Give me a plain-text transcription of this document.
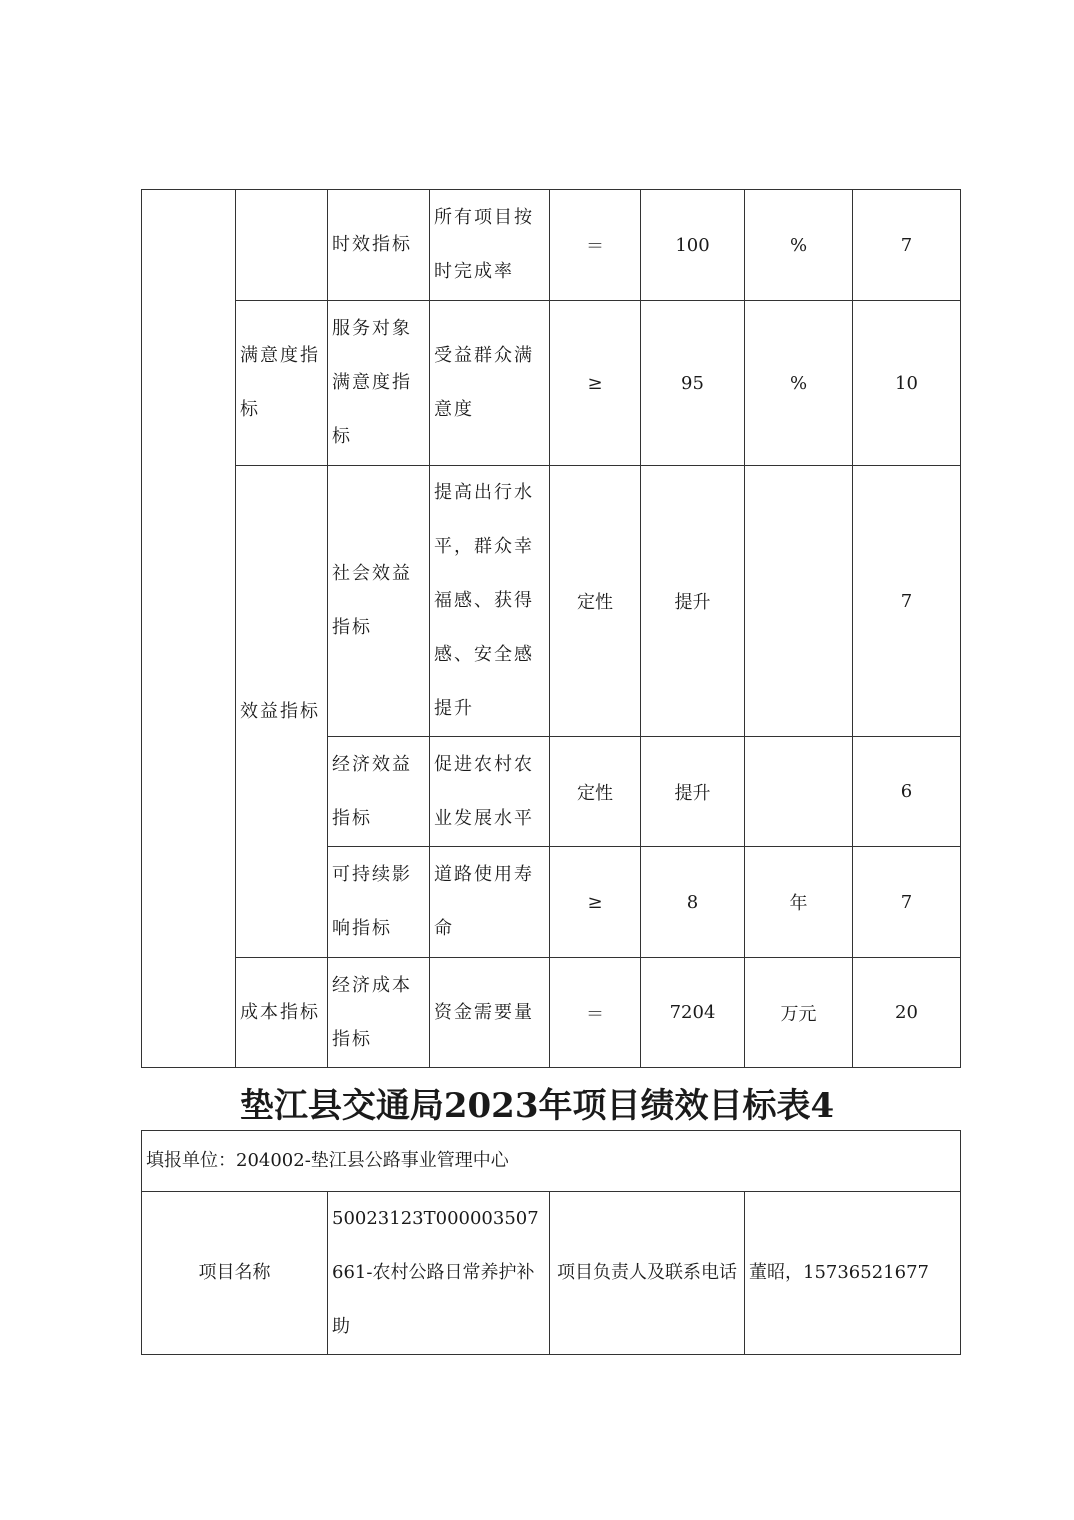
		时效指标	所有项目按时完成率	＝	100	%	7
	满意度指标	服务对象满意度指标	受益群众满意度	≥	95	%	10
	效益指标	社会效益指标	提高出行水平，群众幸福感、获得感、安全感提升	定性	提升		7
		经济效益指标	促进农村农业发展水平	定性	提升		6
		可持续影响指标	道路使用寿命	≥	8	年	7
	成本指标	经济成本指标	资金需要量	＝	7204	万元	20
垫江县交通局2023年项目绩效目标表4
填报单位：204002-垫江县公路事业管理中心
项目名称	50023123T000003507661-农村公路日常养护补助	项目负责人及联系电话	董昭，15736521677
